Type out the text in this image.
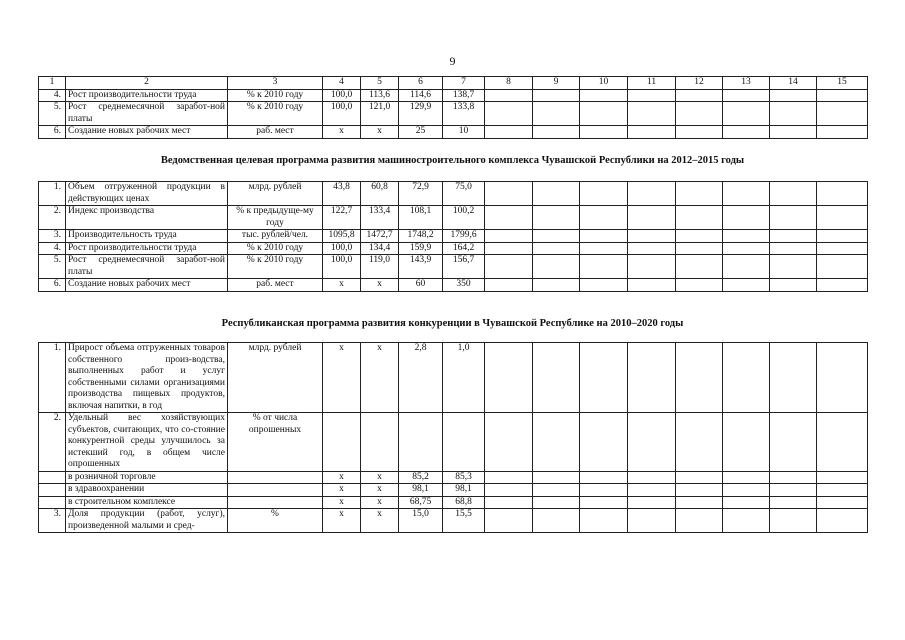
9
1	2	3	4	5	6	7	8	9	10	11	12	13	14	15
4.	Рост производительности труда	% к 2010 году	100,0	113,6	114,6	138,7								
5.	Рост среднемесячной заработ-ной платы	% к 2010 году	100,0	121,0	129,9	133,8								
6.	Создание новых рабочих мест	раб. мест	х	х	25	10								
Ведомственная целевая программа развития машиностроительного комплекса Чувашской Республики на 2012–2015 годы
1.	Объем отгруженной продукции в действующих ценах	млрд. рублей	43,8	60,8	72,9	75,0								
2.	Индекс производства	% к предыдуще-му году	122,7	133,4	108,1	100,2								
3.	Производительность труда	тыс. рублей/чел.	1095,8	1472,7	1748,2	1799,6								
4.	Рост производительности труда	% к 2010 году	100,0	134,4	159,9	164,2								
5.	Рост среднемесячной заработ-ной платы	% к 2010 году	100,0	119,0	143,9	156,7								
6.	Создание новых рабочих мест	раб. мест	х	х	60	350								
Республиканская программа развития конкуренции в Чувашской Республике на 2010–2020 годы
1.	Прирост объема отгруженных товаров собственного произ-водства, выполненных работ и услуг собственными силами организациями производства пищевых продуктов, включая напитки, в год	млрд. рублей	х	х	2,8	1,0								
2.	Удельный вес хозяйствующих субъектов, считающих, что со-стояние конкурентной среды улучшилось за истекший год, в общем числе опрошенных	% от числа опрошенных												
	в розничной торговле		х	х	85,2	85,3								
	в здравоохранении		х	х	98,1	98,1								
	в строительном комплексе		х	х	68,75	68,8								
3.	Доля продукции (работ, услуг), произведенной малыми и сред-	%	х	х	15,0	15,5								
